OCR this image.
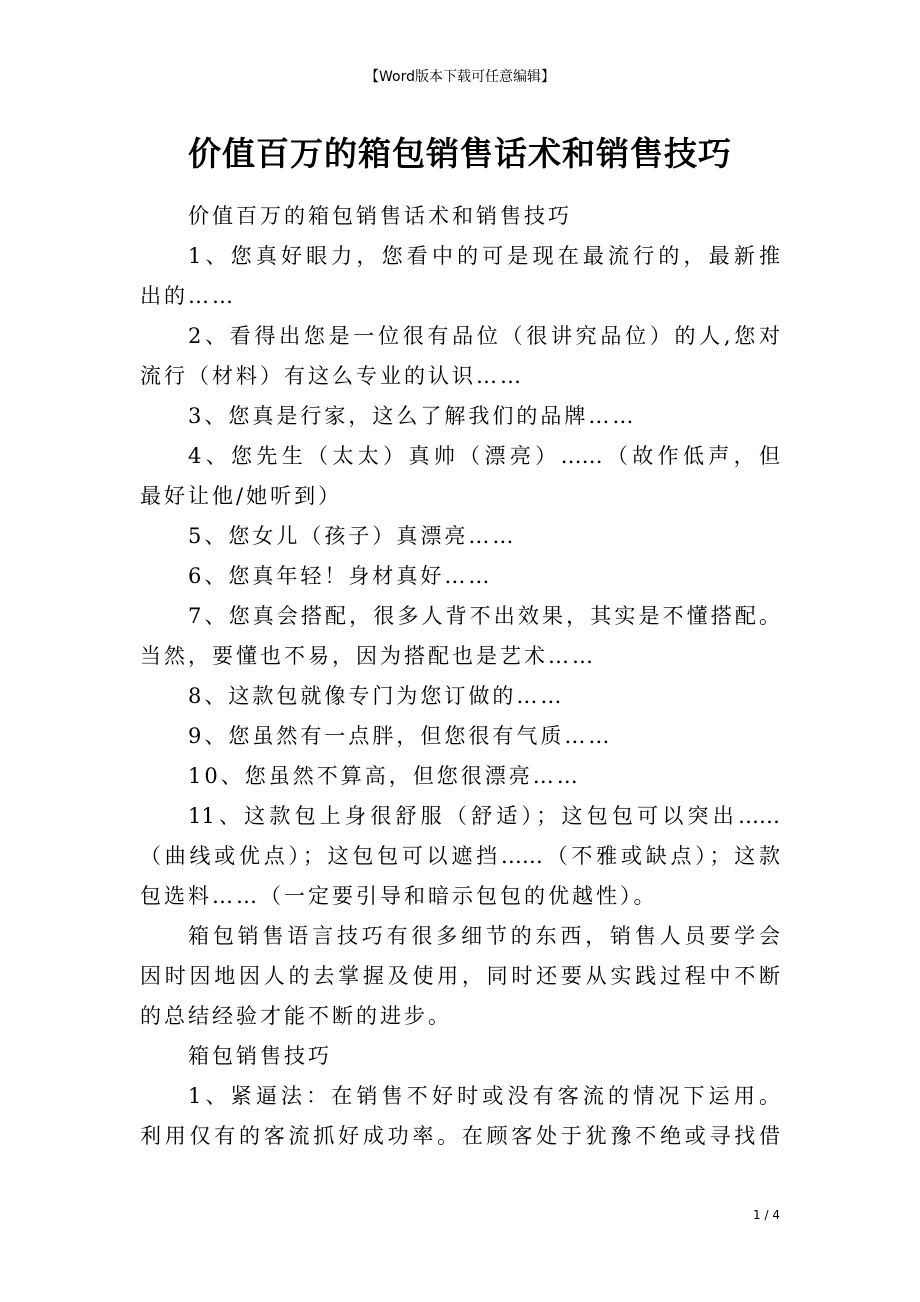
【Word版本下载可任意编辑】
价值百万的箱包销售话术和销售技巧
价值百万的箱包销售话术和销售技巧
1、您真好眼力，您看中的可是现在最流行的，最新推
出的……
2、看得出您是一位很有品位（很讲究品位）的人,您对
流行（材料）有这么专业的认识……
3、您真是行家，这么了解我们的品牌……
4、您先生（太太）真帅（漂亮）……（故作低声，但
最好让他/她听到）
5、您女儿（孩子）真漂亮……
6、您真年轻！身材真好……
7、您真会搭配，很多人背不出效果，其实是不懂搭配。
当然，要懂也不易，因为搭配也是艺术……
8、这款包就像专门为您订做的……
9、您虽然有一点胖，但您很有气质……
10、您虽然不算高，但您很漂亮……
11、这款包上身很舒服（舒适）；这包包可以突出……
（曲线或优点）；这包包可以遮挡……（不雅或缺点）；这款
包选料……（一定要引导和暗示包包的优越性）。
箱包销售语言技巧有很多细节的东西，销售人员要学会
因时因地因人的去掌握及使用，同时还要从实践过程中不断
的总结经验才能不断的进步。
箱包销售技巧
1、紧逼法：在销售不好时或没有客流的情况下运用。
利用仅有的客流抓好成功率。在顾客处于犹豫不绝或寻找借
1 / 4
